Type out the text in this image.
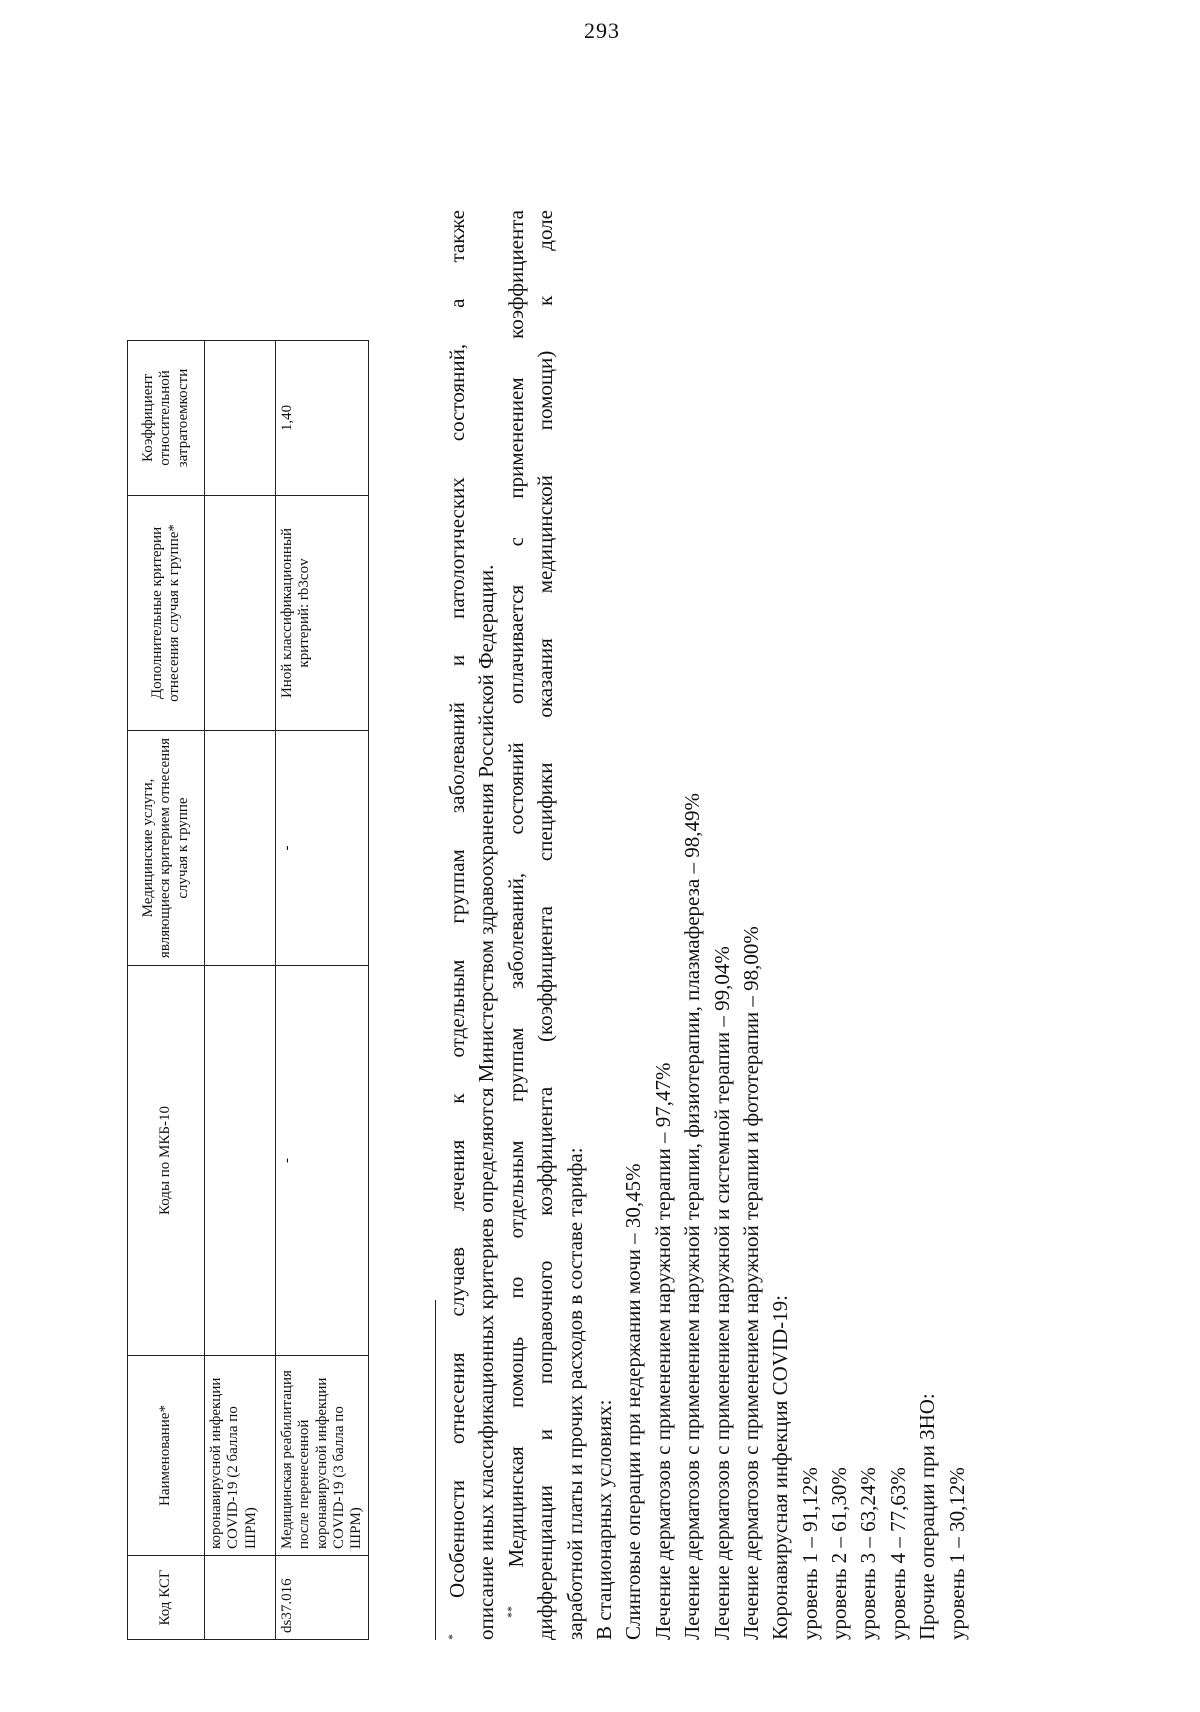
293
Код КСГ	Наименование*	Коды по МКБ-10	Медицинские услуги, являющиеся критерием отнесения случая к группе	Дополнительные критерии отнесения случая к группе*	Коэффициент относительной затратоемкости
	коронавирусной инфекции COVID-19 (2 балла по ШРМ)				
ds37.016	Медицинская реабилитация после перенесенной коронавирусной инфекции COVID-19 (3 балла по ШРМ)	-	-	Иной классификационный критерий: rb3cov	1,40

* Особенности отнесения случаев лечения к отдельным группам заболеваний и патологических состояний, а также описание иных классификационных критериев определяются Министерством здравоохранения Российской Федерации. ** Медицинская помощь по отдельным группам заболеваний, состояний оплачивается с применением коэффициента дифференциации и поправочного коэффициента (коэффициента специфики оказания медицинской помощи) к доле заработной платы и прочих расходов в составе тарифа: В стационарных условиях: Слинговые операции при недержании мочи – 30,45% Лечение дерматозов с применением наружной терапии – 97,47% Лечение дерматозов с применением наружной терапии, физиотерапии, плазмафереза – 98,49% Лечение дерматозов с применением наружной и системной терапии – 99,04% Лечение дерматозов с применением наружной терапии и фототерапии – 98,00% Коронавирусная инфекция COVID-19: уровень 1 – 91,12% уровень 2 – 61,30% уровень 3 – 63,24% уровень 4 – 77,63% Прочие операции при ЗНО: уровень 1 – 30,12%
